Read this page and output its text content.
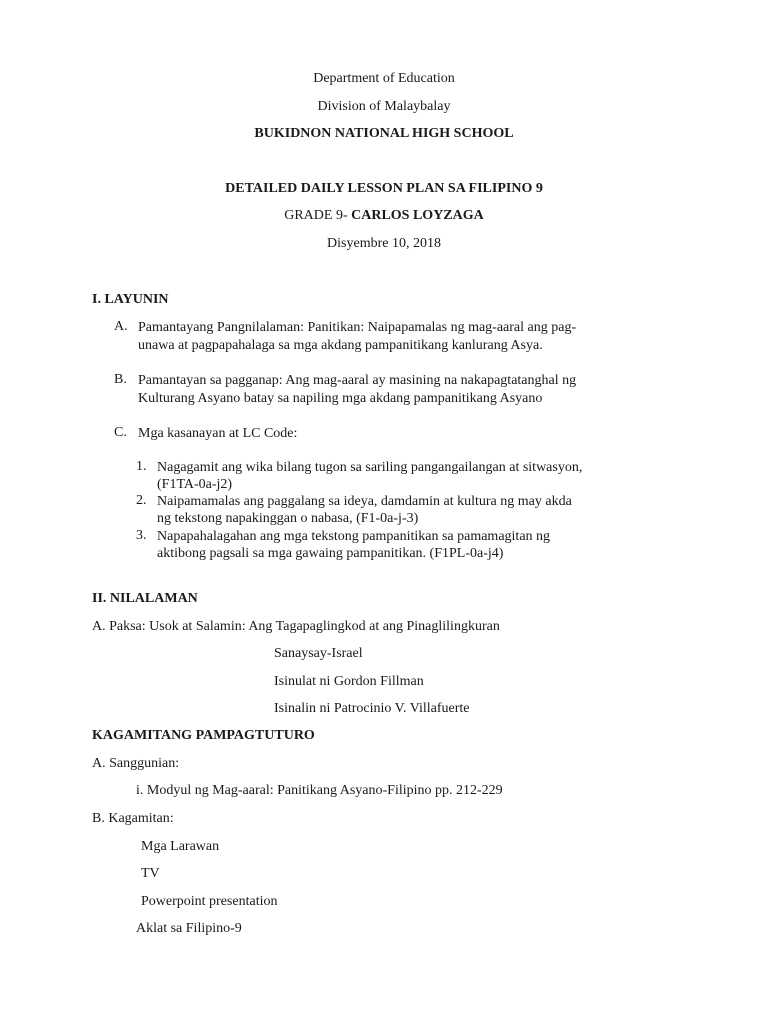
Department of Education
Division of Malaybalay
BUKIDNON NATIONAL HIGH SCHOOL
DETAILED DAILY LESSON PLAN SA FILIPINO 9
GRADE 9- CARLOS LOYZAGA
Disyembre 10, 2018
I. LAYUNIN
A. Pamantayang Pangnilalaman: Panitikan: Naipapamalas ng mag-aaral ang pag-
unawa at pagpapahalaga sa mga akdang pampanitikang kanlurang Asya.
B. Pamantayan sa pagganap: Ang mag-aaral ay masining na nakapagtatanghal ng
Kulturang Asyano batay sa napiling mga akdang pampanitikang Asyano
C. Mga kasanayan at LC Code:
1. Nagagamit ang wika bilang tugon sa sariling pangangailangan at sitwasyon,
(F1TA-0a-j2)
2. Naipamamalas ang paggalang sa ideya, damdamin at kultura ng may akda
ng tekstong napakinggan o nabasa, (F1-0a-j-3)
3. Napapahalagahan ang mga tekstong pampanitikan sa pamamagitan ng
aktibong pagsali sa mga gawaing pampanitikan. (F1PL-0a-j4)
II. NILALAMAN
A. Paksa: Usok at Salamin: Ang Tagapaglingkod at ang Pinaglilingkuran
Sanaysay-Israel
Isinulat ni Gordon Fillman
Isinalin ni Patrocinio V. Villafuerte
KAGAMITANG PAMPAGTUTURO
A. Sanggunian:
i. Modyul ng Mag-aaral: Panitikang Asyano-Filipino pp. 212-229
B. Kagamitan:
Mga Larawan
TV
Powerpoint presentation
Aklat sa Filipino-9
